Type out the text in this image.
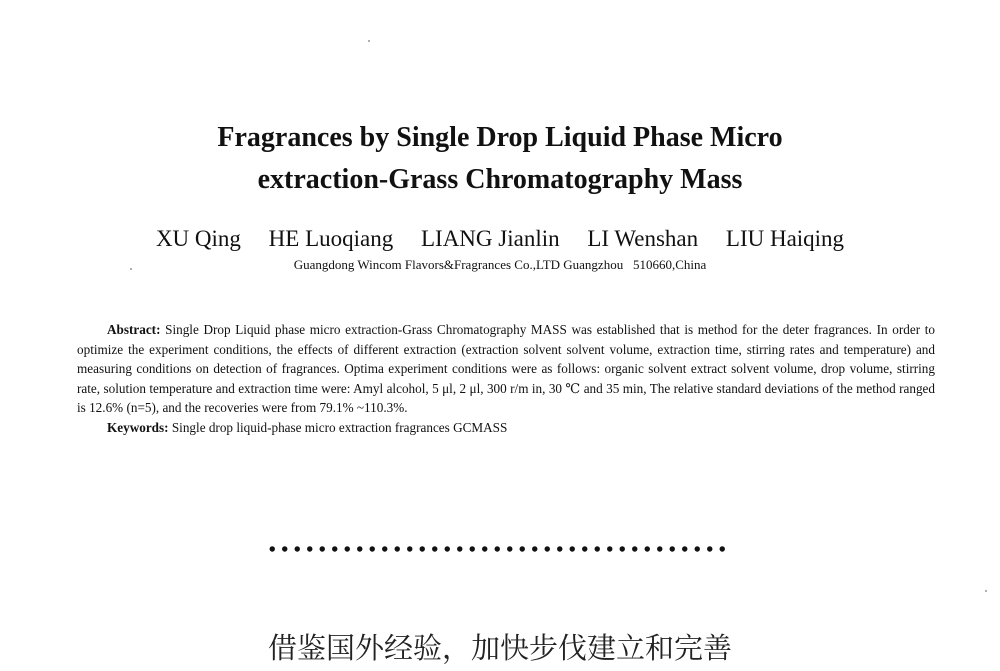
Fragrances by Single Drop Liquid Phase Micro
extraction-Grass Chromatography Mass
XU Qing HE Luoqiang LIANG Jianlin LI Wenshan LIU Haiqing
Guangdong Wincom Flavors&Fragrances Co.,LTD Guangzhou   510660,China

Abstract: Single Drop Liquid phase micro extraction-Grass Chromatography MASS was established that is method for the deter fragrances. In order to optimize the experiment conditions, the effects of different extraction (extraction solvent solvent volume, extraction time, stirring rates and temperature) and measuring conditions on detection of fragrances. Optima experiment conditions were as follows: organic solvent extract solvent volume, drop volume, stirring rate, solution temperature and extraction time were: Amyl alcohol, 5 μl, 2 μl, 300 r/m in, 30 ℃ and 35 min, The relative standard deviations of the method ranged is 12.6% (n=5), and the recoveries were from 79.1% ~110.3%.

Keywords: Single drop liquid-phase micro extraction fragrances GCMASS

•••••••••••••••••••••••••••••••••••••
借鉴国外经验，加快步伐建立和完善
